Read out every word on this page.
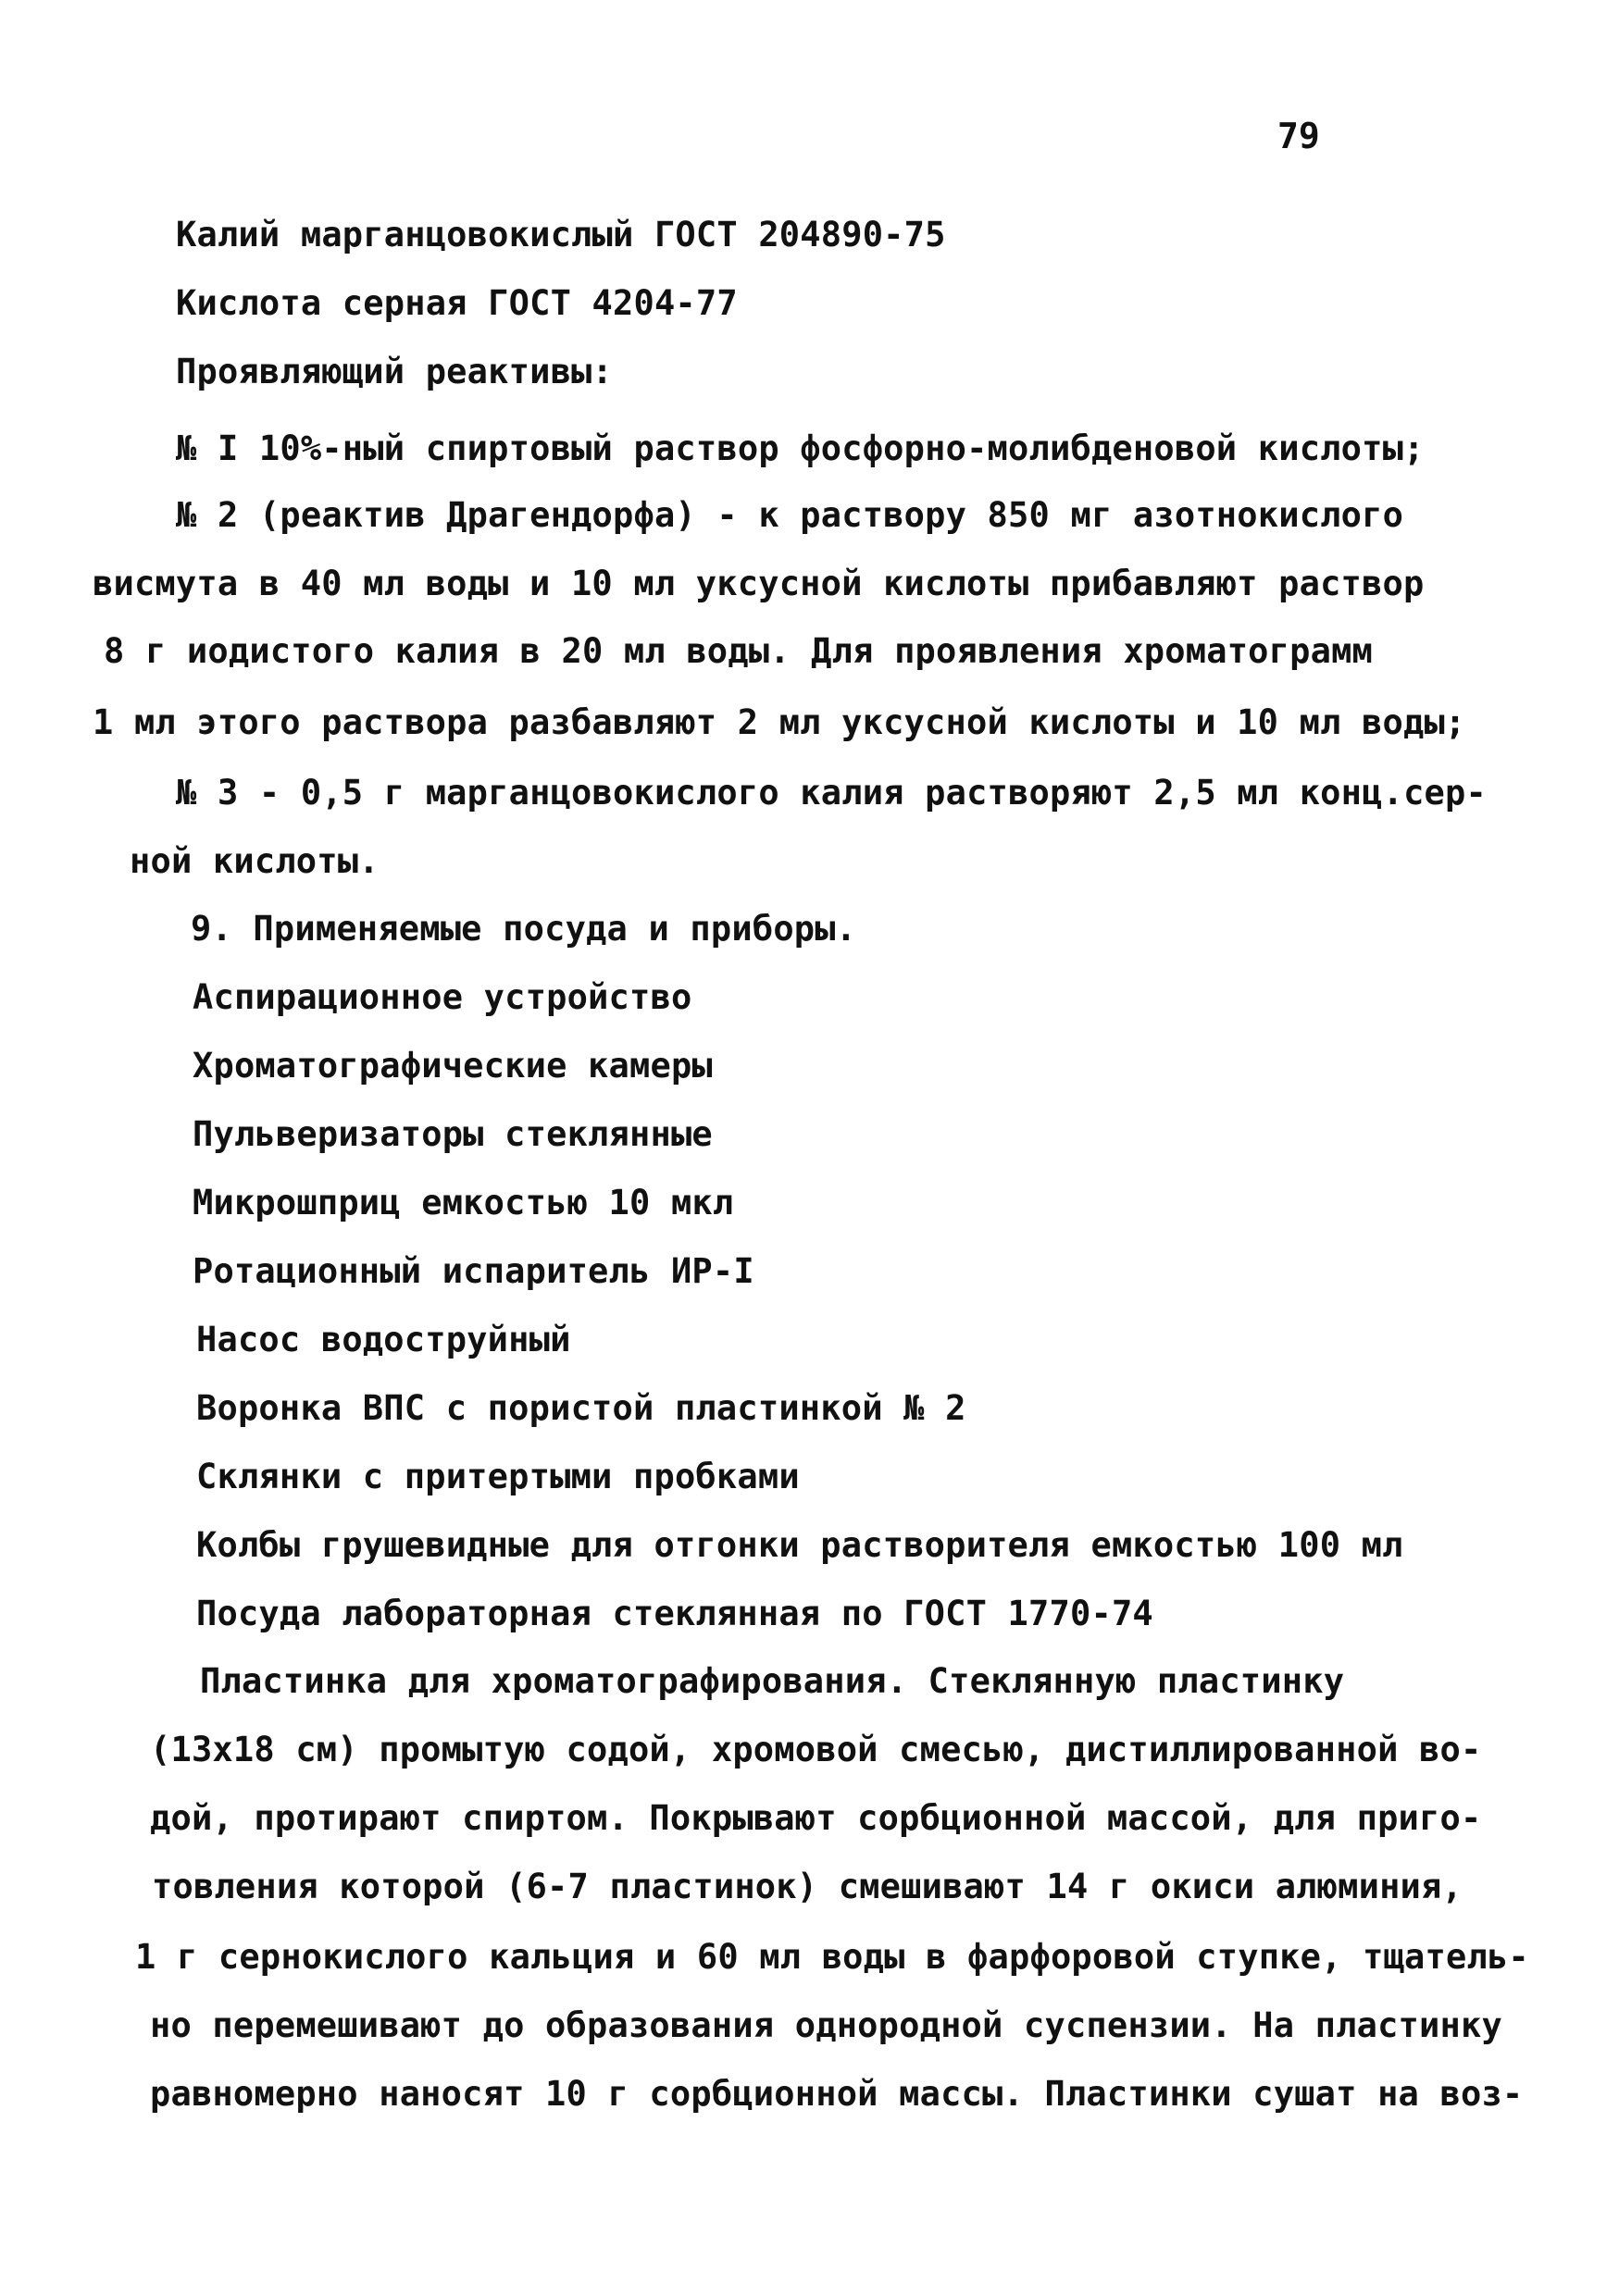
79
Калий марганцовокислый ГОСТ 204890-75
Кислота серная ГОСТ 4204-77
Проявляющий реактивы:
№ I 10%-ный спиртовый раствор фосфорно-молибденовой кислоты;
№ 2 (реактив Драгендорфа) - к раствору 850 мг азотнокислого
висмута в 40 мл воды и 10 мл уксусной кислоты прибавляют раствор
8 г иодистого калия в 20 мл воды. Для проявления хроматограмм
1 мл этого раствора разбавляют 2 мл уксусной кислоты и 10 мл воды;
№ 3 - 0,5 г марганцовокислого калия растворяют 2,5 мл конц.сер-
ной кислоты.
9. Применяемые посуда и приборы.
Аспирационное устройство
Хроматографические камеры
Пульверизаторы стеклянные
Микрошприц емкостью 10 мкл
Ротационный испаритель ИР-I
Насос водоструйный
Воронка ВПС с пористой пластинкой № 2
Склянки с притертыми пробками
Колбы грушевидные для отгонки растворителя емкостью 100 мл
Посуда лабораторная стеклянная по ГОСТ 1770-74
Пластинка для хроматографирования. Стеклянную пластинку
(13x18 см) промытую содой, хромовой смесью, дистиллированной во-
дой, протирают спиртом. Покрывают сорбционной массой, для приго-
товления которой (6-7 пластинок) смешивают 14 г окиси алюминия,
1 г сернокислого кальция и 60 мл воды в фарфоровой ступке, тщатель-
но перемешивают до образования однородной суспензии. На пластинку
равномерно наносят 10 г сорбционной массы. Пластинки сушат на воз-
